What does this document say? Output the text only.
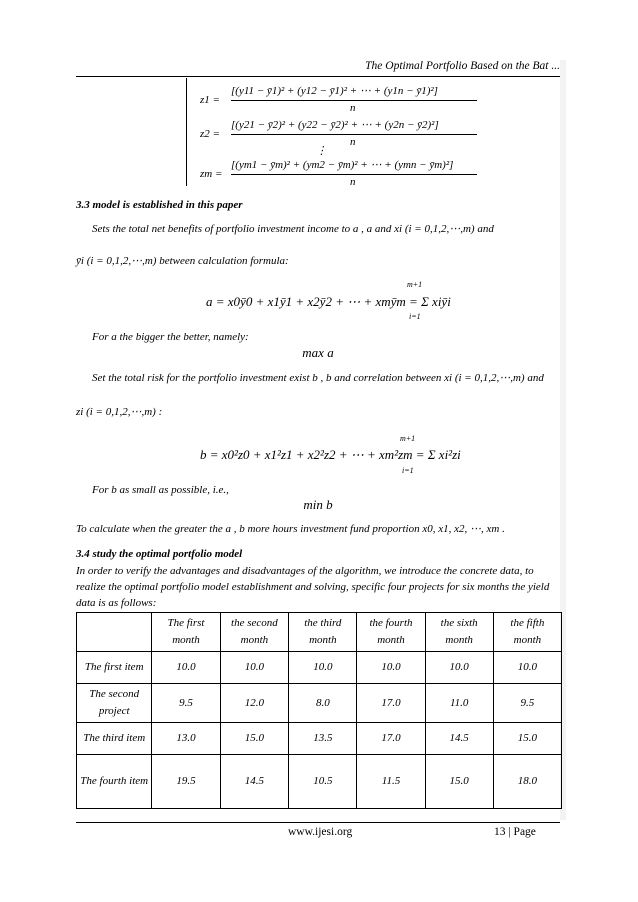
The Optimal Portfolio Based on the Bat ...
z1 =
[(y11 − ȳ1)² + (y12 − ȳ1)² + ⋯ + (y1n − ȳ1)²]
n
z2 =
[(y21 − ȳ2)² + (y22 − ȳ2)² + ⋯ + (y2n − ȳ2)²]
n
⋮
zm =
[(ym1 − ȳm)² + (ym2 − ȳm)² + ⋯ + (ymn − ȳm)²]
n
3.3 model is established in this paper
Sets the total net benefits of portfolio investment income to a , a and xi (i = 0,1,2,⋯,m) and
ȳi (i = 0,1,2,⋯,m) between calculation formula:
a = x0ȳ0 + x1ȳ1 + x2ȳ2 + ⋯ + xmȳm = Σ xiȳi
m+1
i=1
For a the bigger the better, namely:
max a
Set the total risk for the portfolio investment exist b , b and correlation between xi (i = 0,1,2,⋯,m) and
zi (i = 0,1,2,⋯,m) :
b = x0²z0 + x1²z1 + x2²z2 + ⋯ + xm²zm = Σ xi²zi
m+1
i=1
For b as small as possible, i.e.,
min b
To calculate when the greater the a , b more hours investment fund proportion x0, x1, x2, ⋯, xm .
3.4 study the optimal portfolio model
In order to verify the advantages and disadvantages of the algorithm, we introduce the concrete data, to realize the optimal portfolio model establishment and solving, specific four projects for six months the yield data is as follows:
	The first month	the second month	the third month	the fourth month	the sixth month	the fifth month
The first item	10.0	10.0	10.0	10.0	10.0	10.0
The second project	9.5	12.0	8.0	17.0	11.0	9.5
The third item	13.0	15.0	13.5	17.0	14.5	15.0
The fourth item	19.5	14.5	10.5	11.5	15.0	18.0
www.ijesi.org	13 | Page
